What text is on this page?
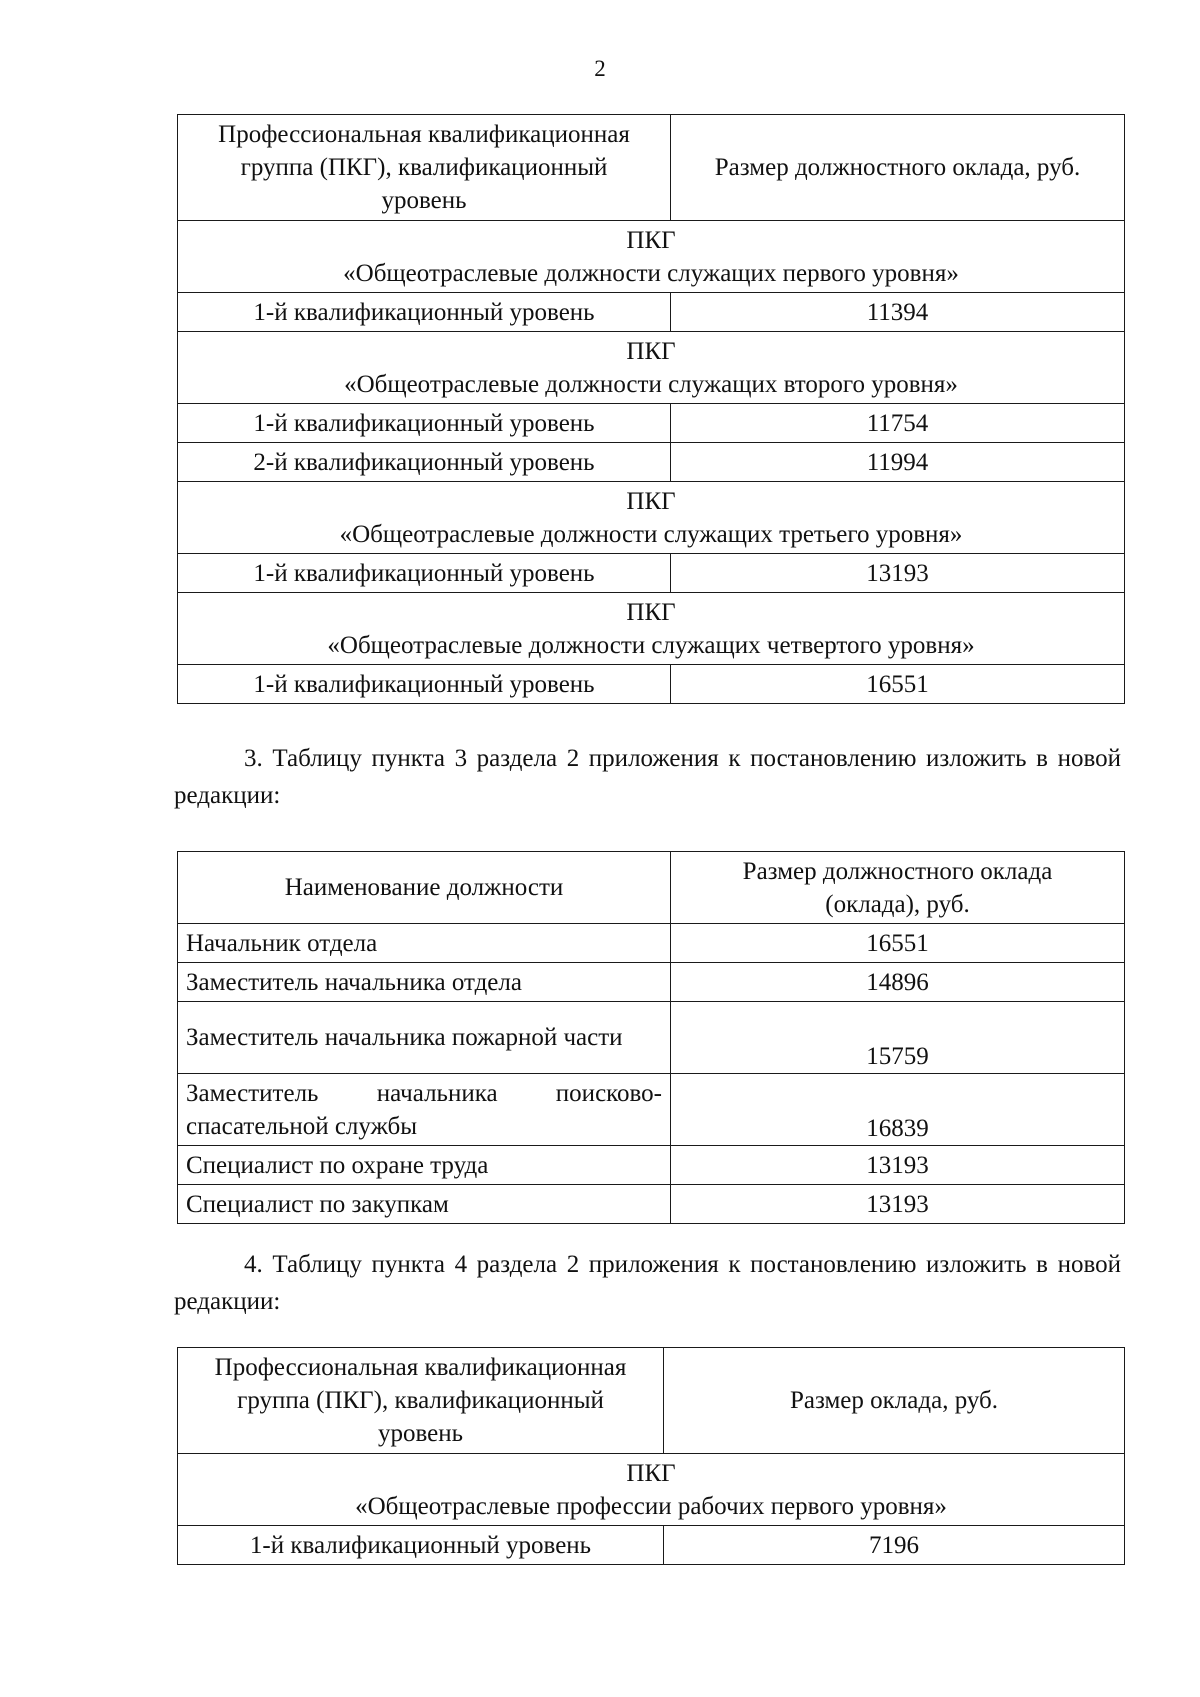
2
Профессиональная квалификационная
группа (ПКГ), квалификационный
уровень	Размер должностного оклада, руб.

ПКГ
«Общеотраслевые должности служащих первого уровня»	

1-й квалификационный уровень	11394

ПКГ
«Общеотраслевые должности служащих второго уровня»	

1-й квалификационный уровень	11754
2-й квалификационный уровень	11994

ПКГ
«Общеотраслевые должности служащих третьего уровня»	

1-й квалификационный уровень	13193

ПКГ
«Общеотраслевые должности служащих четвертого уровня»	

1-й квалификационный уровень	16551
3. Таблицу пункта 3 раздела 2 приложения к постановлению изложить в новой редакции:
Наименование должности	Размер должностного оклада
(оклада), руб.

Начальник отдела	16551
Заместитель начальника отдела	14896
Заместитель начальника пожарной части	15759
Заместитель начальника поисково-спасательной службы	16839
Специалист по охране труда	13193
Специалист по закупкам	13193
4. Таблицу пункта 4 раздела 2 приложения к постановлению изложить в новой редакции:
Профессиональная квалификационная
группа (ПКГ), квалификационный
уровень	Размер оклада, руб.

ПКГ
«Общеотраслевые профессии рабочих первого уровня»	

1-й квалификационный уровень	7196
